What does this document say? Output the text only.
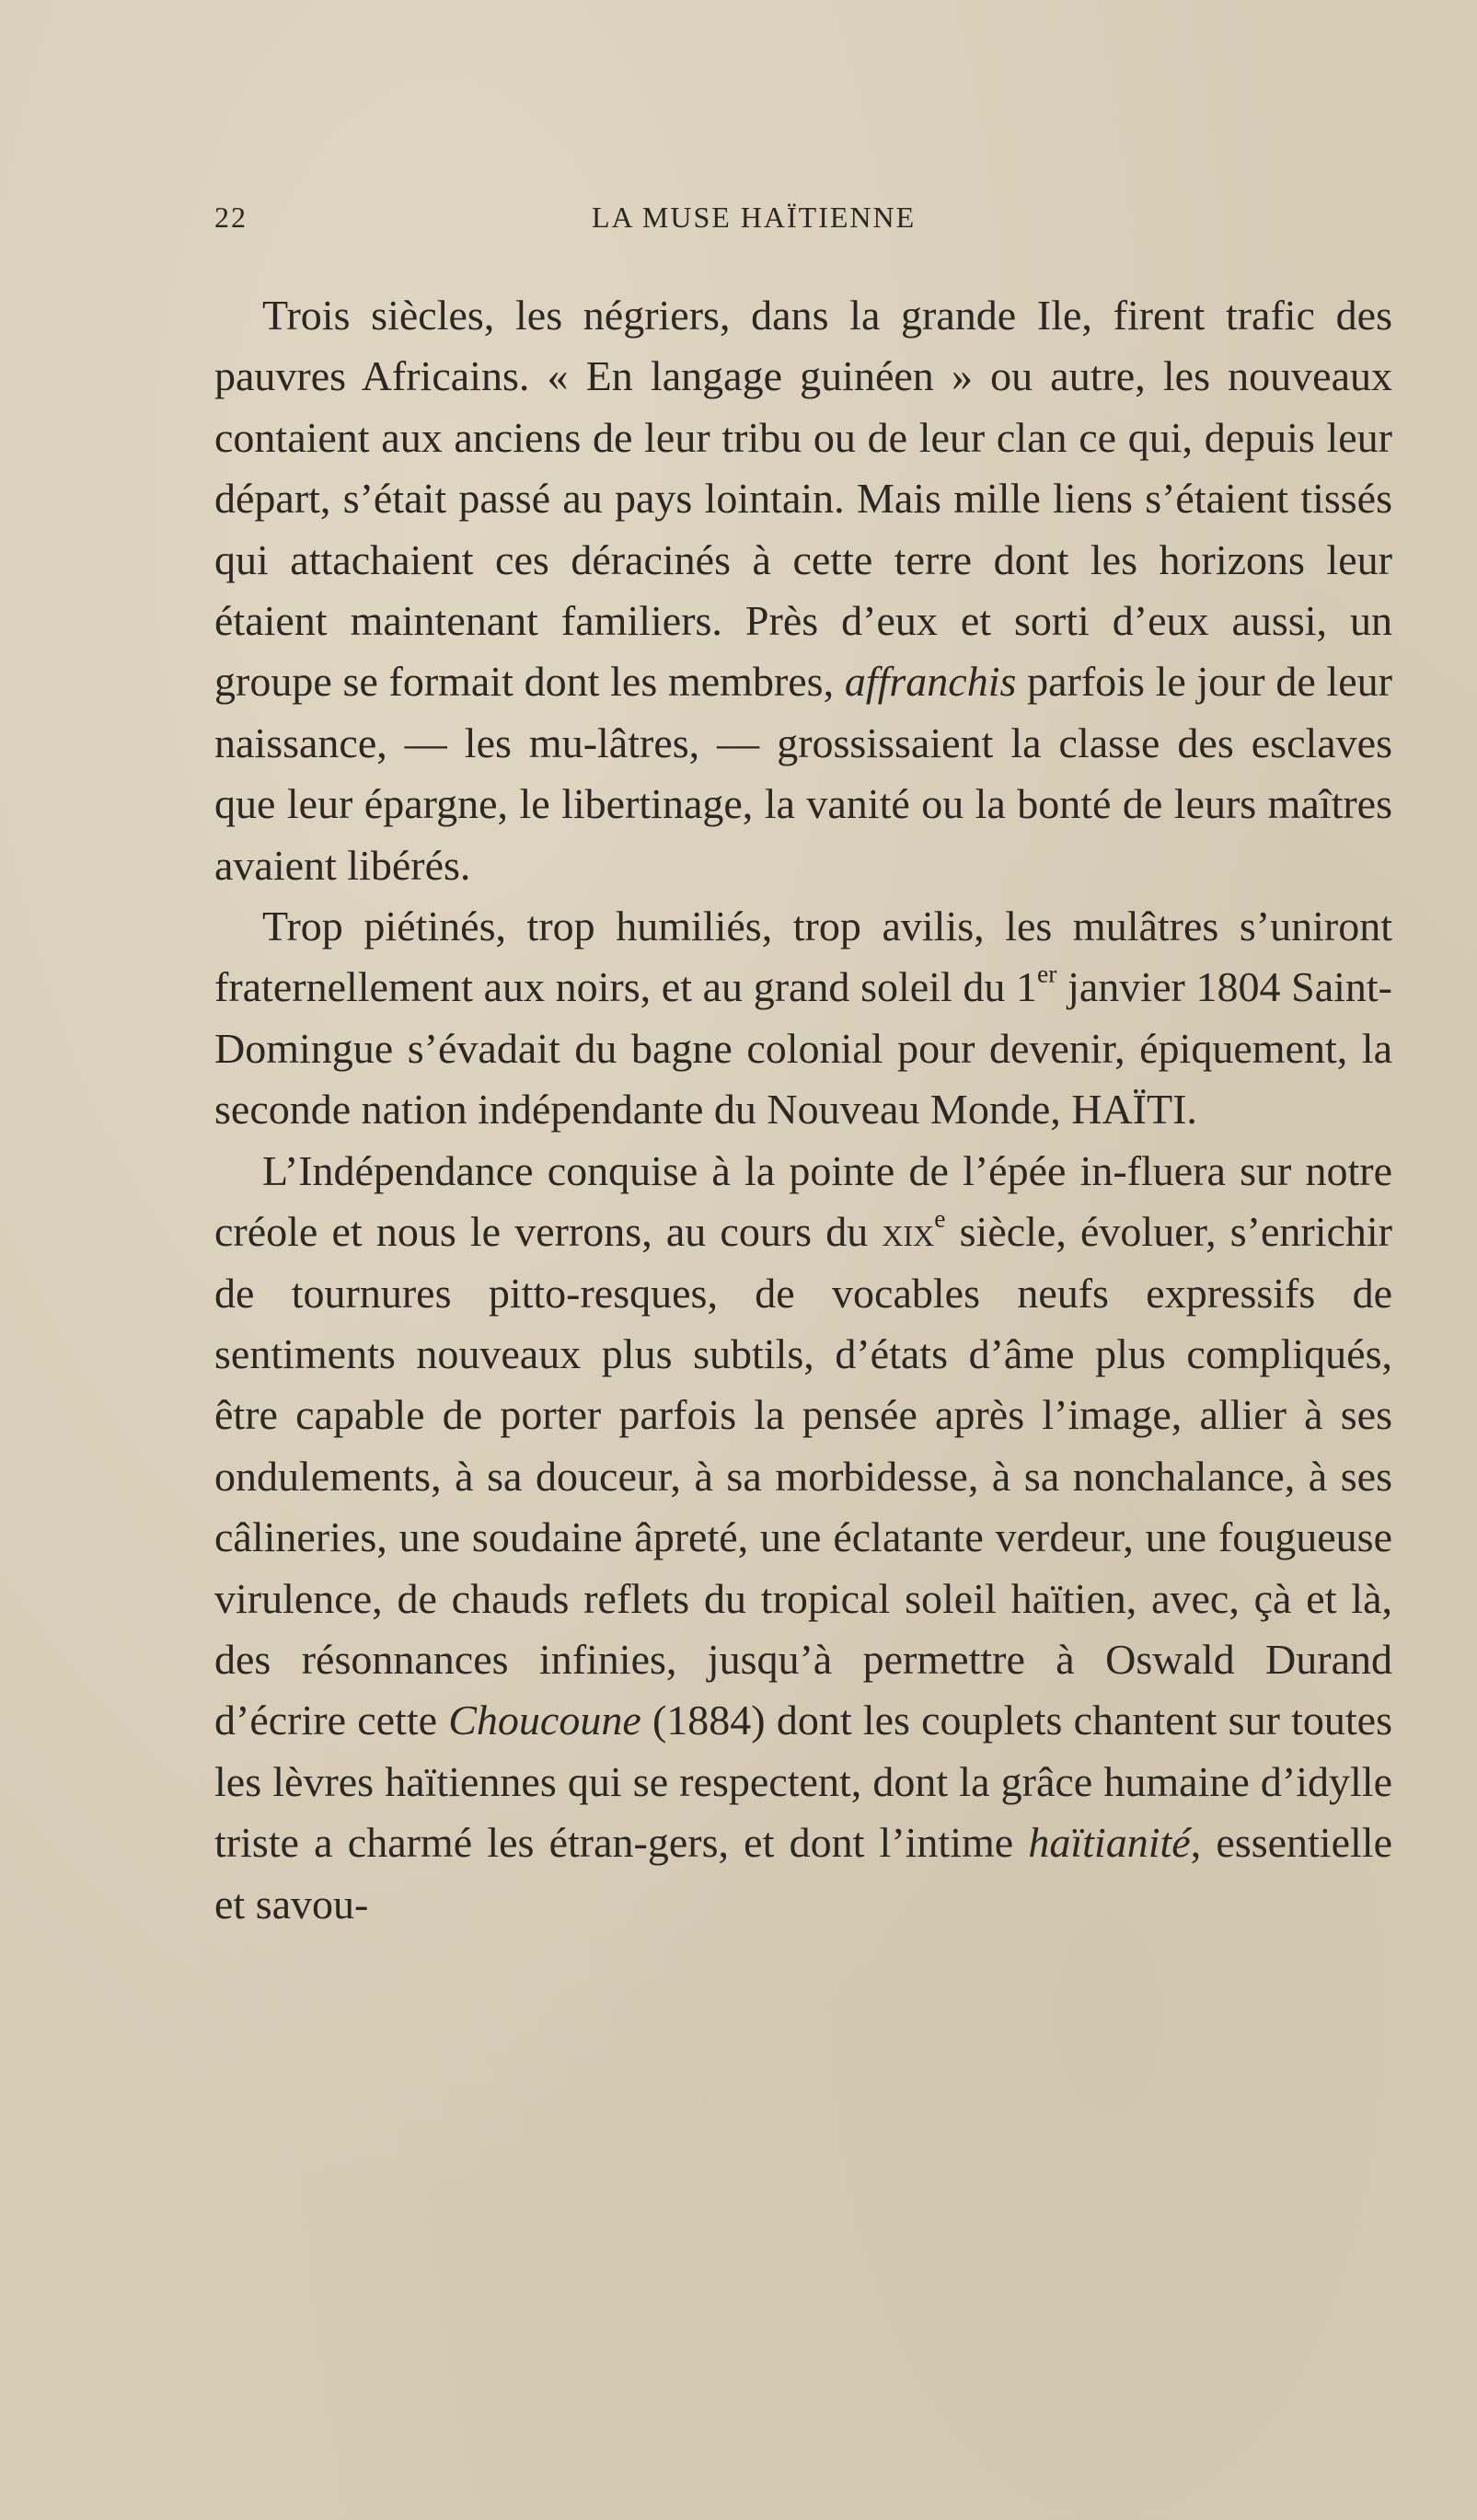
22	LA MUSE HAÏTIENNE

Trois siècles, les négriers, dans la grande Ile, firent trafic des pauvres Africains. « En langage guinéen » ou autre, les nouveaux contaient aux anciens de leur tribu ou de leur clan ce qui, depuis leur départ, s’était passé au pays lointain. Mais mille liens s’étaient tissés qui attachaient ces déracinés à cette terre dont les horizons leur étaient maintenant familiers. Près d’eux et sorti d’eux aussi, un groupe se formait dont les membres, affranchis parfois le jour de leur naissance, — les mu-lâtres, — grossissaient la classe des esclaves que leur épargne, le libertinage, la vanité ou la bonté de leurs maîtres avaient libérés.

Trop piétinés, trop humiliés, trop avilis, les mulâtres s’uniront fraternellement aux noirs, et au grand soleil du 1er janvier 1804 Saint-Domingue s’évadait du bagne colonial pour devenir, épiquement, la seconde nation indépendante du Nouveau Monde, HAÏTI.

L’Indépendance conquise à la pointe de l’épée in-fluera sur notre créole et nous le verrons, au cours du xix$^e$ siècle, évoluer, s’enrichir de tournures pitto-resques, de vocables neufs expressifs de sentiments nouveaux plus subtils, d’états d’âme plus compliqués, être capable de porter parfois la pensée après l’image, allier à ses ondulements, à sa douceur, à sa morbidesse, à sa nonchalance, à ses câlineries, une soudaine âpreté, une éclatante verdeur, une fougueuse virulence, de chauds reflets du tropical soleil haïtien, avec, çà et là, des résonnances infinies, jusqu’à permettre à Oswald Durand d’écrire cette Choucoune (1884) dont les couplets chantent sur toutes les lèvres haïtiennes qui se respectent, dont la grâce humaine d’idylle triste a charmé les étran-gers, et dont l’intime haïtianité, essentielle et savou-
